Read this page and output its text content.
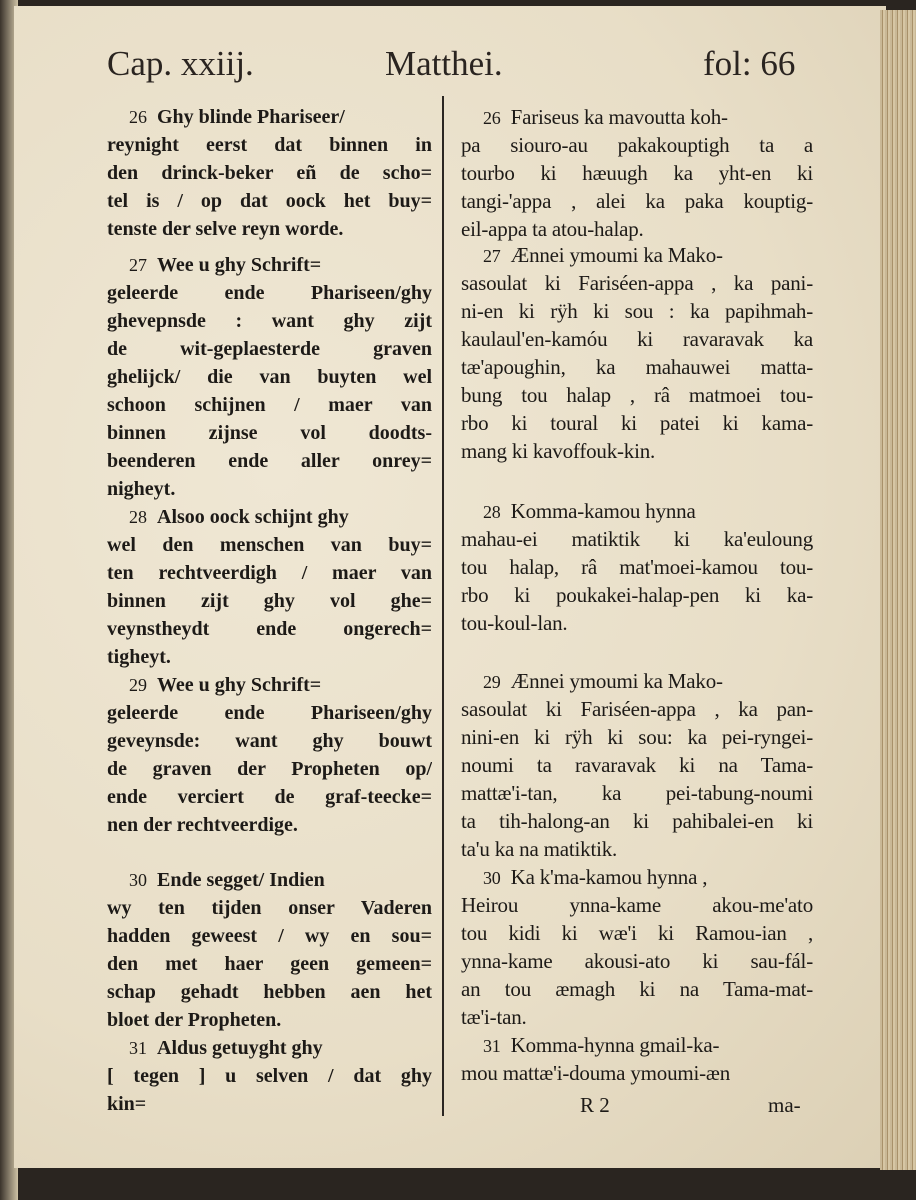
Cap. xxiij.	Matthei.	fol: 66
26 Ghy blinde Phariseer/
reynight eerst dat binnen in
den drinck-beker eñ de scho=
tel is / op dat oock het buy=
tenste der selve reyn worde.
27 Wee u ghy Schrift=
geleerde ende Phariseen/ghy
ghevepnsde : want ghy zijt
de wit-geplaesterde graven
ghelijck/ die van buyten wel
schoon schijnen / maer van
binnen zijnse vol doodts-
beenderen ende aller onrey=
nigheyt.
28 Alsoo oock schijnt ghy
wel den menschen van buy=
ten rechtveerdigh / maer van
binnen zijt ghy vol ghe=
veynstheydt ende ongerech=
tigheyt.
29 Wee u ghy Schrift=
geleerde ende Phariseen/ghy
geveynsde: want ghy bouwt
de graven der Propheten op/
ende verciert de graf-teecke=
nen der rechtveerdige.
30 Ende segget/ Indien
wy ten tijden onser Vaderen
hadden geweest / wy en sou=
den met haer geen gemeen=
schap gehadt hebben aen het
bloet der Propheten.
31 Aldus getuyght ghy
[ tegen ] u selven / dat ghy
kin=
26 Fariseus ka mavoutta koh-
pa siouro-au pakakouptigh ta a
tourbo ki hæuugh ka yht-en ki
tangi-'appa , alei ka paka kouptig-
eil-appa ta atou-halap.
27 Ænnei ymoumi ka Mako-
sasoulat ki Fariséen-appa , ka pani-
ni-en ki rÿh ki sou : ka papihmah-
kaulaul'en-kamóu ki ravaravak ka
tæ'apoughin, ka mahauwei matta-
bung tou halap , râ matmoei tou-
rbo ki toural ki patei ki kama-
mang ki kavoffouk-kin.
28 Komma-kamou hynna
mahau-ei matiktik ki ka'euloung
tou halap, râ mat'moei-kamou tou-
rbo ki poukakei-halap-pen ki ka-
tou-koul-lan.
29 Ænnei ymoumi ka Mako-
sasoulat ki Fariséen-appa , ka pan-
nini-en ki rÿh ki sou: ka pei-ryngei-
noumi ta ravaravak ki na Tama-
mattæ'i-tan, ka pei-tabung-noumi
ta tih-halong-an ki pahibalei-en ki
ta'u ka na matiktik.
30 Ka k'ma-kamou hynna ,
Heirou ynna-kame akou-me'ato
tou kidi ki wæ'i ki Ramou-ian ,
ynna-kame akousi-ato ki sau-fál-
an tou æmagh ki na Tama-mat-
tæ'i-tan.
31 Komma-hynna gmail-ka-
mou mattæ'i-douma ymoumi-æn
R 2	ma-
